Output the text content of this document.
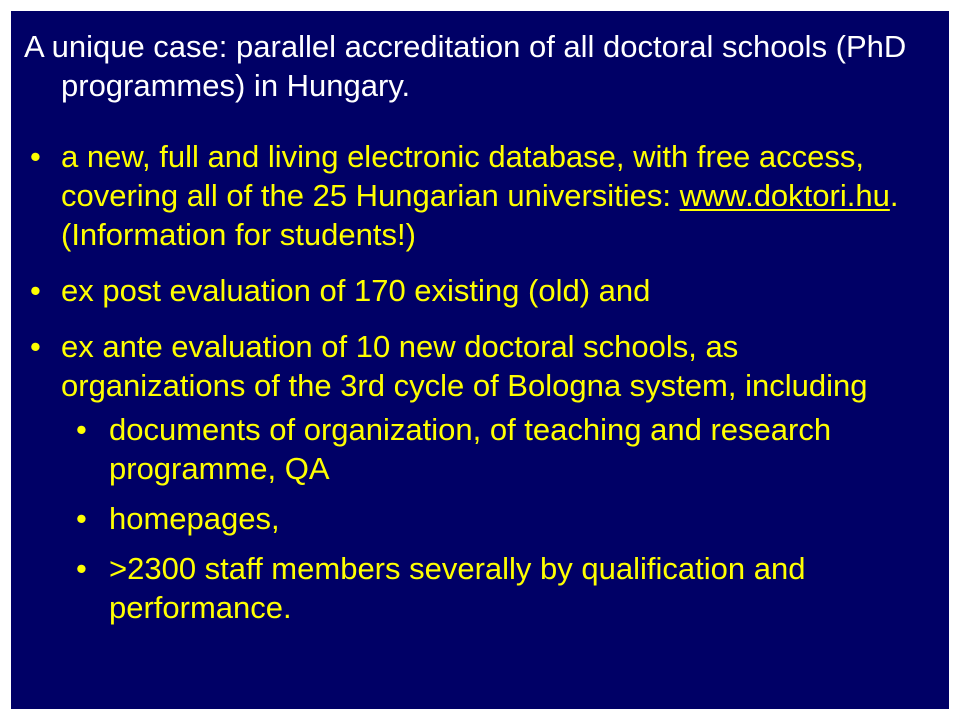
A unique case: parallel accreditation of all doctoral schools (PhD programmes) in Hungary.
• a new, full and living electronic database, with free access, covering all of the 25 Hungarian universities: www.doktori.hu. (Information for students!)
• ex post evaluation of 170 existing (old) and
• ex ante evaluation of 10 new doctoral schools, as organizations of the 3rd cycle of Bologna system, including
• documents of organization, of teaching and research programme, QA
• homepages,
• >2300 staff members severally by qualification and performance.
